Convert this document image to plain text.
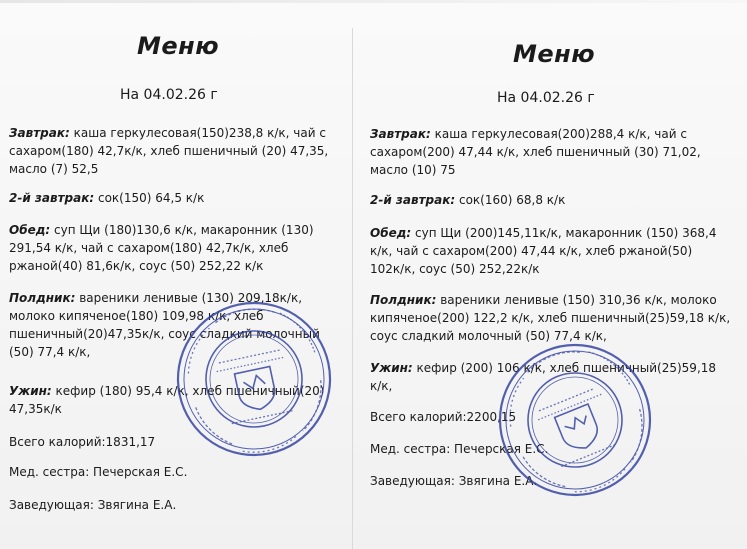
Меню
На 04.02.26 г
Завтрак: каша геркулесовая(150)238,8 к/к, чай с
сахаром(180) 42,7к/к, хлеб пшеничный (20) 47,35,
масло (7) 52,5
2-й завтрак: сок(150) 64,5 к/к
Обед: суп Щи (180)130,6 к/к, макаронник (130)
291,54 к/к, чай с сахаром(180) 42,7к/к, хлеб
ржаной(40) 81,6к/к, соус (50) 252,22 к/к
Полдник: вареники ленивые (130) 209,18к/к,
молоко кипяченое(180) 109,98 к/к, хлеб
пшеничный(20)47,35к/к, соус сладкий молочный
(50) 77,4 к/к,
Ужин: кефир (180) 95,4 к/к, хлеб пшеничный(20)
47,35к/к
Всего калорий:1831,17
Мед. сестра: Печерская Е.С.
Заведующая: Звягина Е.А.
Меню
На 04.02.26 г
Завтрак: каша геркулесовая(200)288,4 к/к, чай с
сахаром(200) 47,44 к/к, хлеб пшеничный (30) 71,02,
масло (10) 75
2-й завтрак: сок(160) 68,8 к/к
Обед: суп Щи (200)145,11к/к, макаронник (150) 368,4
к/к, чай с сахаром(200) 47,44 к/к, хлеб ржаной(50)
102к/к, соус (50) 252,22к/к
Полдник: вареники ленивые (150) 310,36 к/к, молоко
кипяченое(200) 122,2 к/к, хлеб пшеничный(25)59,18 к/к,
соус сладкий молочный (50) 77,4 к/к,
Ужин: кефир (200) 106 к/к, хлеб пшеничный(25)59,18
к/к,
Всего калорий:2200,15
Мед. сестра: Печерская Е.С.
Заведующая: Звягина Е.А.
